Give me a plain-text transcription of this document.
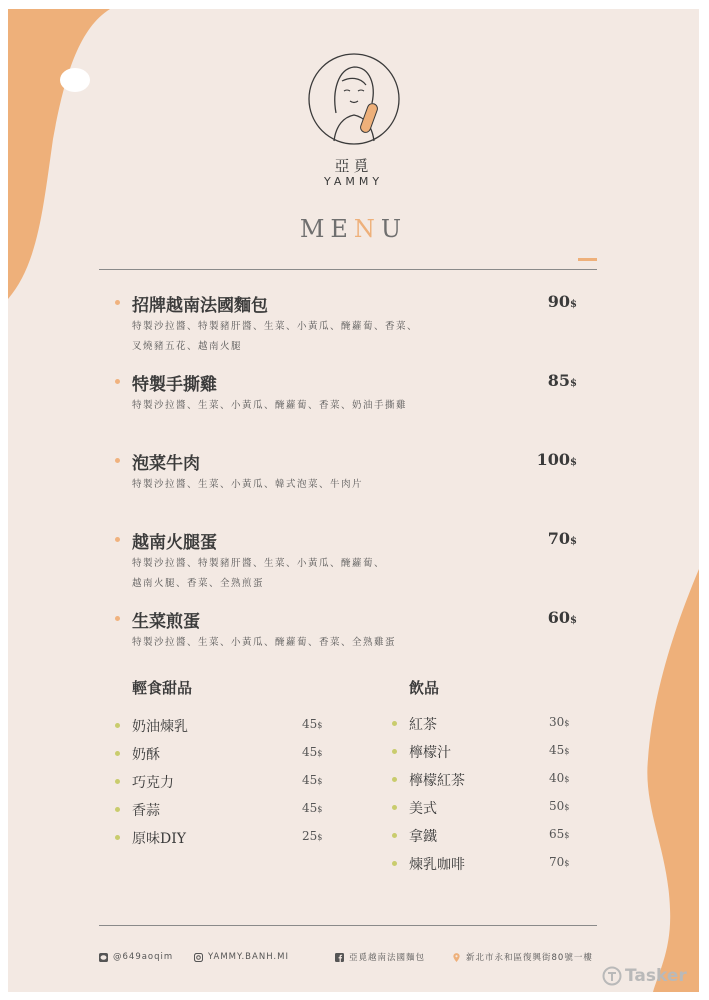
亞覓
YAMMY
MENU
招牌越南法國麵包	90$
特製沙拉醬、特製豬肝醬、生菜、小黃瓜、醃蘿蔔、香菜、
叉燒豬五花、越南火腿
特製手撕雞	85$
特製沙拉醬、生菜、小黃瓜、醃蘿蔔、香菜、奶油手撕雞
泡菜牛肉	100$
特製沙拉醬、生菜、小黃瓜、韓式泡菜、牛肉片
越南火腿蛋	70$
特製沙拉醬、特製豬肝醬、生菜、小黃瓜、醃蘿蔔、
越南火腿、香菜、全熟煎蛋
生菜煎蛋	60$
特製沙拉醬、生菜、小黃瓜、醃蘿蔔、香菜、全熟雞蛋
輕食甜品
奶油煉乳	45$
奶酥	45$
巧克力	45$
香蒜	45$
原味DIY	25$
飲品
紅茶	30$
檸檬汁	45$
檸檬紅茶	40$
美式	50$
拿鐵	65$
煉乳咖啡	70$
@649aoqim	YAMMY.BANH.MI	亞覓越南法國麵包	新北市永和區復興街80號一樓
Tasker
